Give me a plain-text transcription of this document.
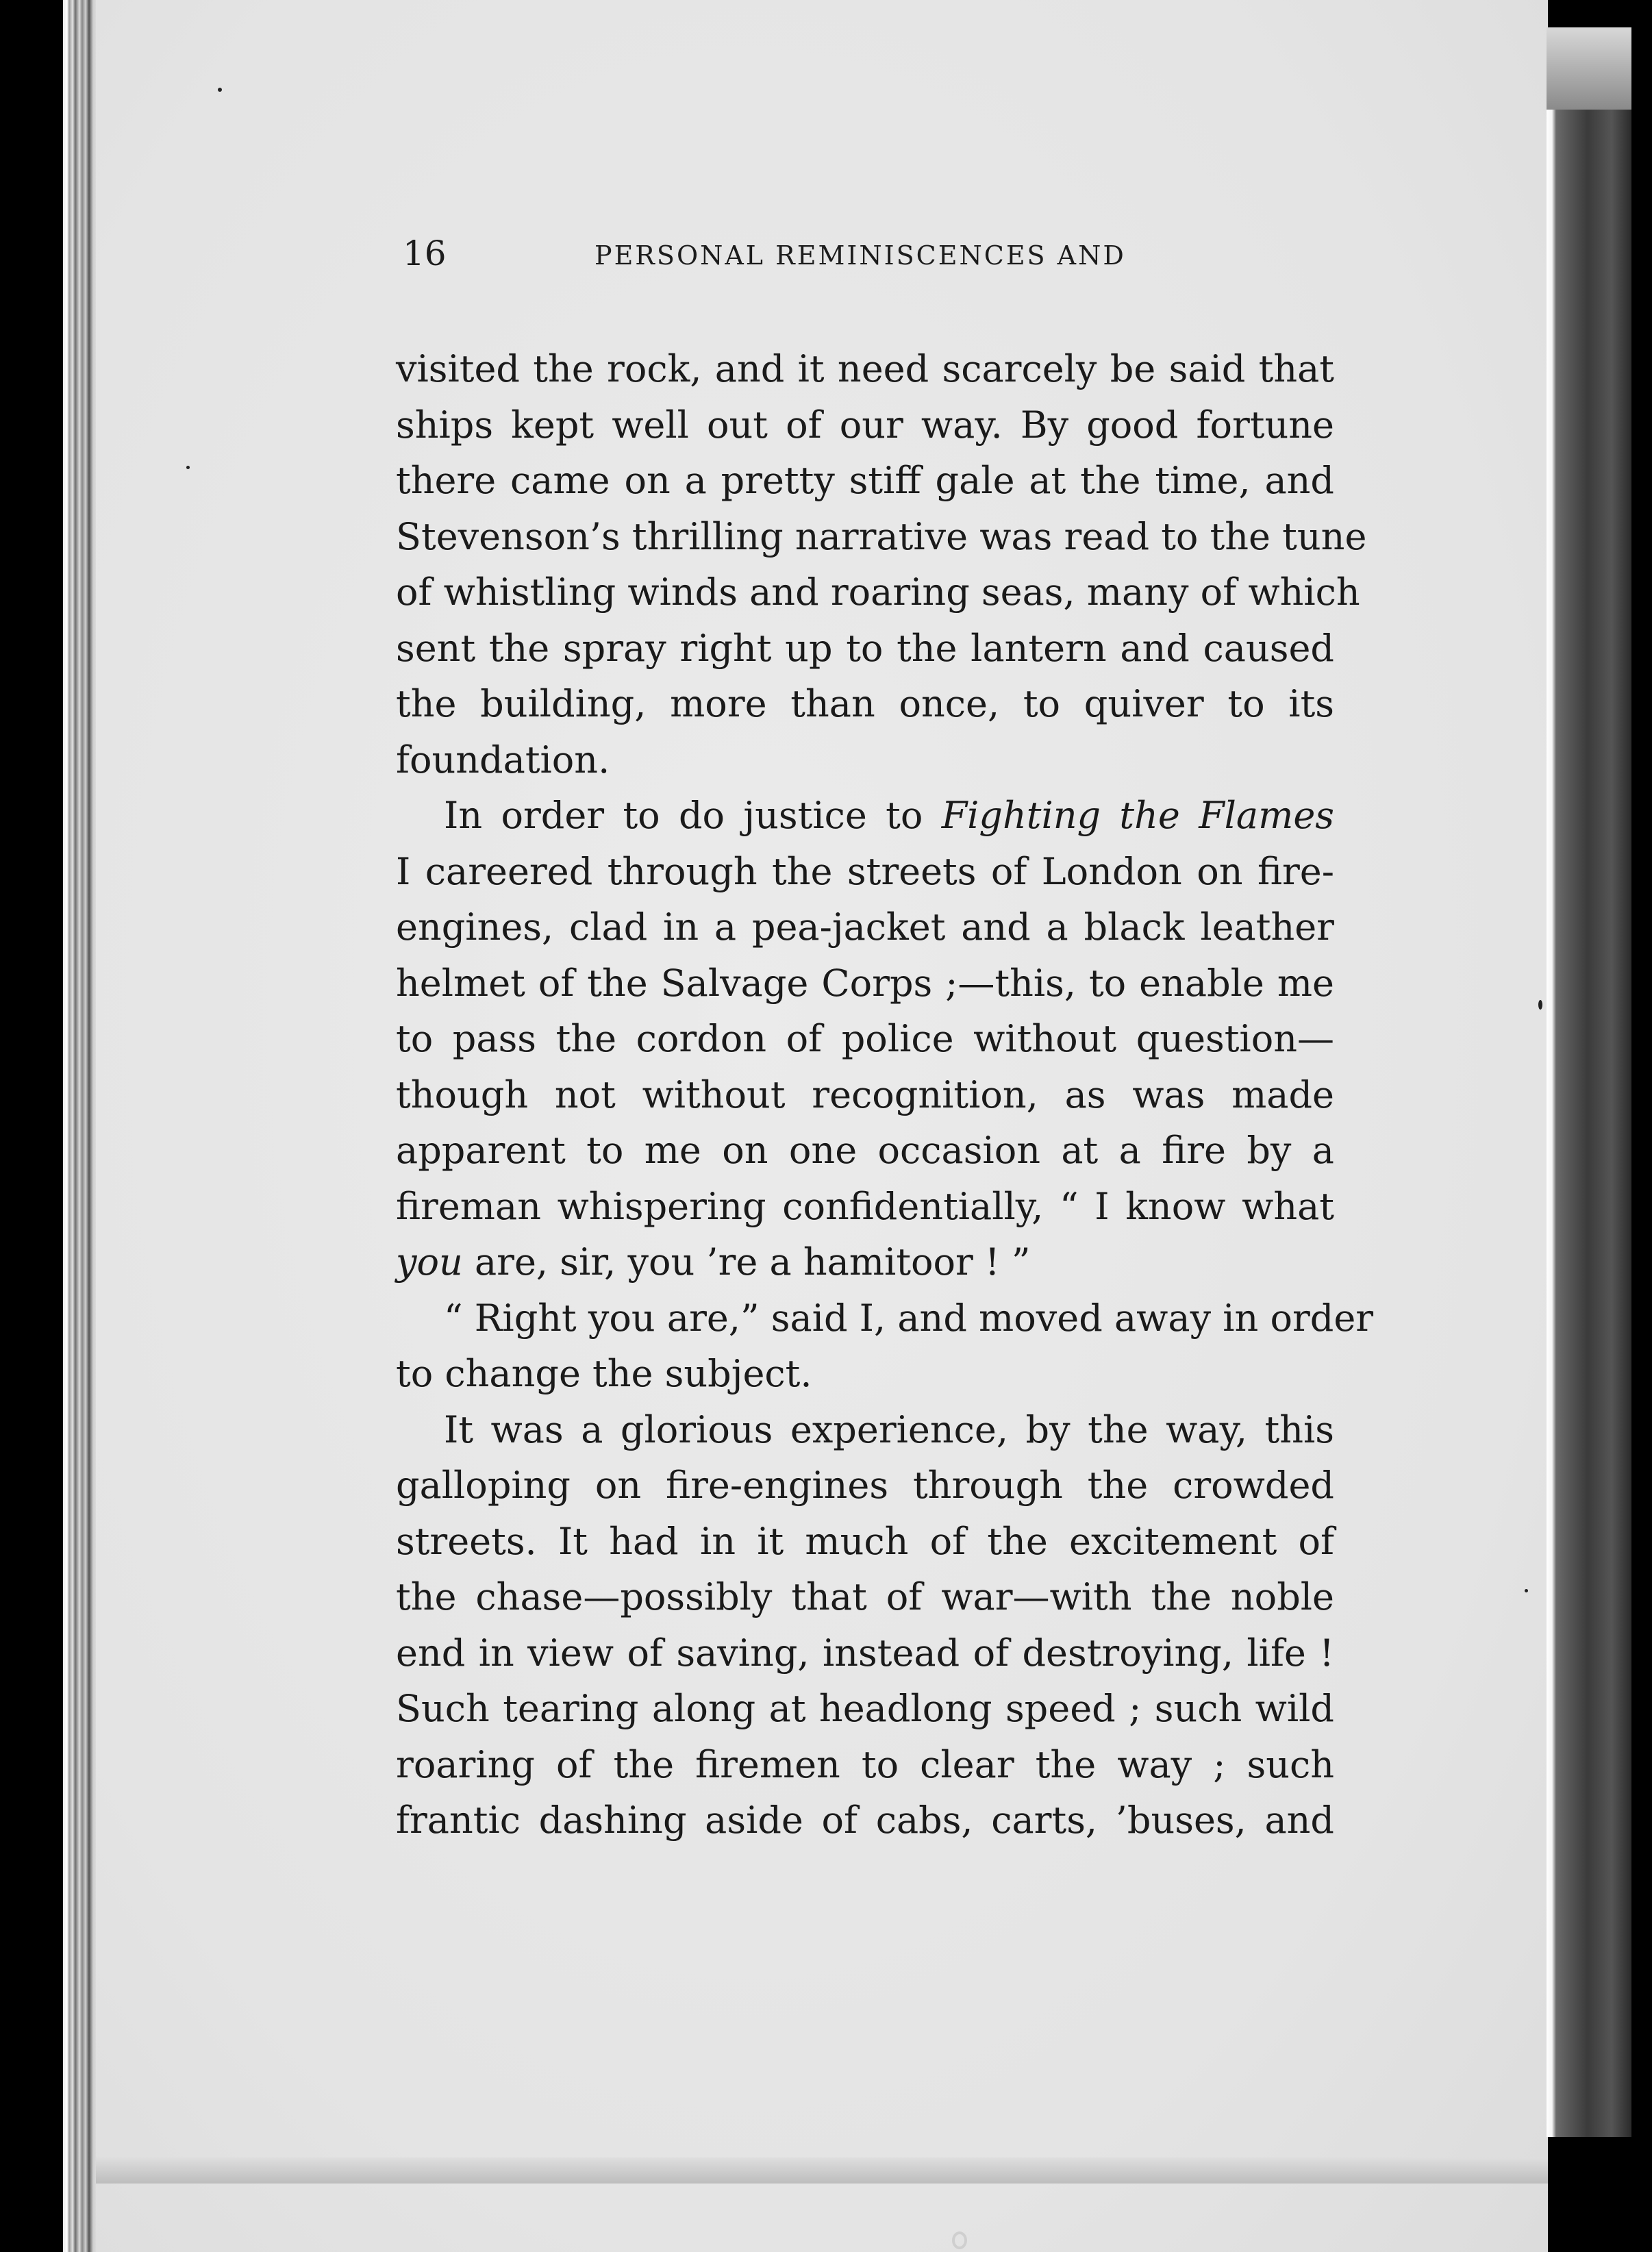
16	PERSONAL REMINISCENCES AND
visited the rock, and it need scarcely be said that
ships kept well out of our way. By good fortune
there came on a pretty stiff gale at the time, and
Stevenson’s thrilling narrative was read to the tune
of whistling winds and roaring seas, many of which
sent the spray right up to the lantern and caused
the building, more than once, to quiver to its
foundation.
In order to do justice to Fighting the Flames
I careered through the streets of London on fire-
engines, clad in a pea-jacket and a black leather
helmet of the Salvage Corps ;—this, to enable me
to pass the cordon of police without question—
though not without recognition, as was made
apparent to me on one occasion at a fire by a
fireman whispering confidentially, “ I know what
you are, sir, you ’re a hamitoor ! ”
“ Right you are,” said I, and moved away in order
to change the subject.
It was a glorious experience, by the way, this
galloping on fire-engines through the crowded
streets. It had in it much of the excitement of
the chase—possibly that of war—with the noble
end in view of saving, instead of destroying, life !
Such tearing along at headlong speed ; such wild
roaring of the firemen to clear the way ; such
frantic dashing aside of cabs, carts, ’buses, and
